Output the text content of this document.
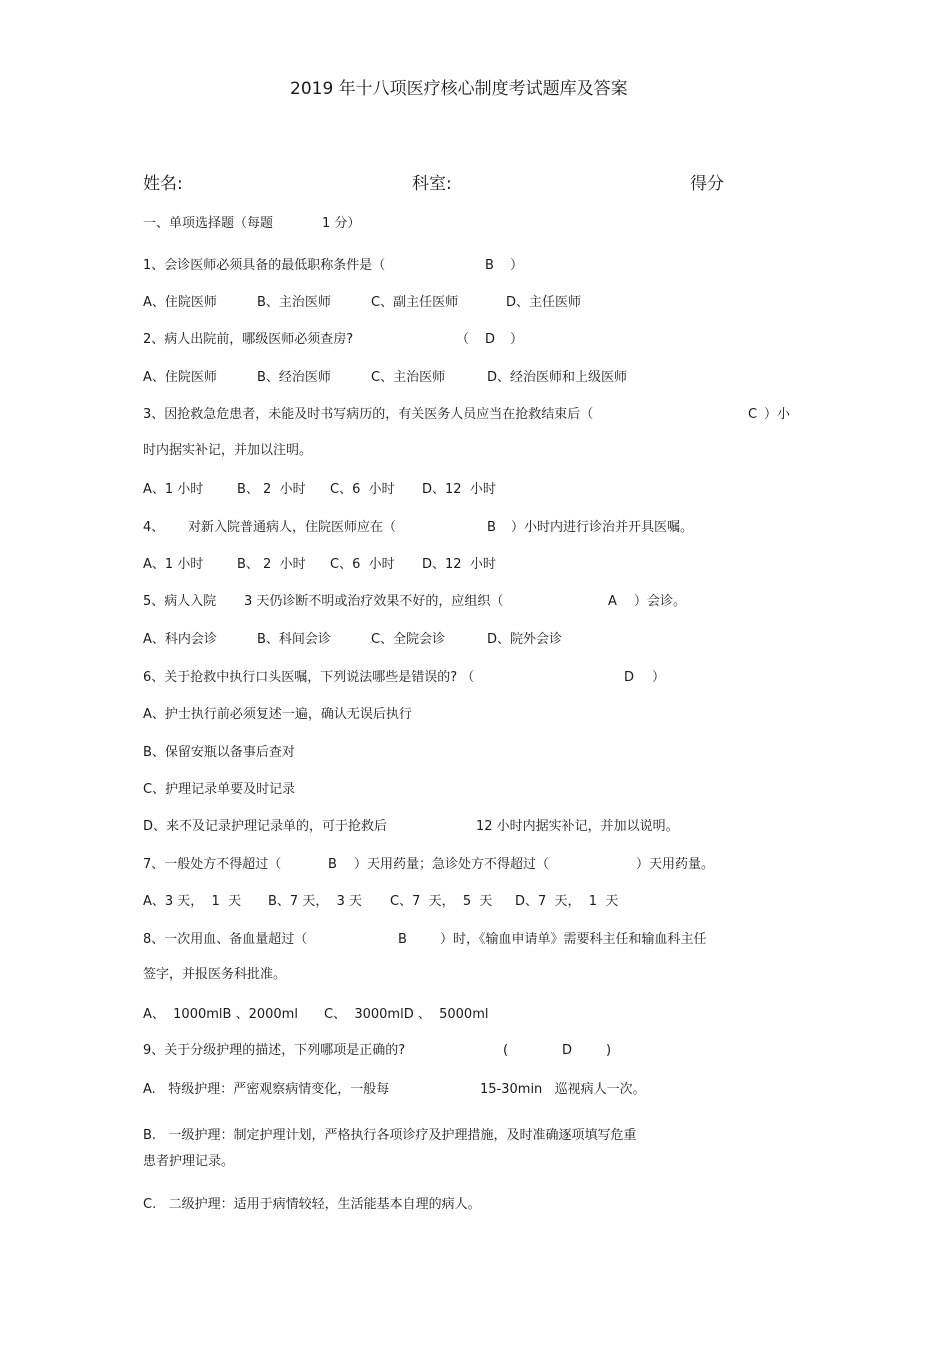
2019 年十八项医疗核心制度考试题库及答案
姓名:	科室:	得分
一、单项选择题（每题	1 分）
1、会诊医师必须具备的最低职称条件是（	B ）
A、住院医师	B、主治医师	C、副主任医师	D、主任医师
2、病人出院前，哪级医师必须查房?	（ D ）
A、住院医师	B、经治医师	C、主治医师	D、经治医师和上级医师
3、因抢救急危患者，未能及时书写病历的，有关医务人员应当在抢救结束后（	C ）小
时内据实补记，并加以注明。
A、1 小时	B、 2  小时 C、6  小时 D、12  小时
4、 对新入院普通病人，住院医师应在（	B ）小时内进行诊治并开具医嘱。
A、1 小时	B、 2  小时 C、6  小时 D、12  小时
5、病人入院 3 天仍诊断不明或治疗效果不好的，应组织（	A ）会诊。
A、科内会诊	B、科间会诊	C、全院会诊	D、院外会诊
6、关于抢救中执行口头医嘱，下列说法哪些是错误的? （	D ）
A、护士执行前必须复述一遍，确认无误后执行
B、保留安瓶以备事后查对
C、护理记录单要及时记录
D、来不及记录护理记录单的，可于抢救后	12 小时内据实补记，并加以说明。
7、一般处方不得超过（	B ）天用药量；急诊处方不得超过（	）天用药量。
A、3 天，  1  天 B、7 天，  3 天 C、7  天，  5  天 D、7  天，  1  天
8、一次用血、备血量超过（	B	）时，《输血申请单》需要科主任和输血科主任
签字，并报医务科批准。
A、  1000mlB 、2000ml C、  3000mlD 、  5000ml
9、关于分级护理的描述，下列哪项是正确的?	(	D	)
A.   特级护理：严密观察病情变化，一般每	15-30min   巡视病人一次。
B.   一级护理：制定护理计划，严格执行各项诊疗及护理措施，及时准确逐项填写危重
患者护理记录。
C.   二级护理：适用于病情较轻，生活能基本自理的病人。
